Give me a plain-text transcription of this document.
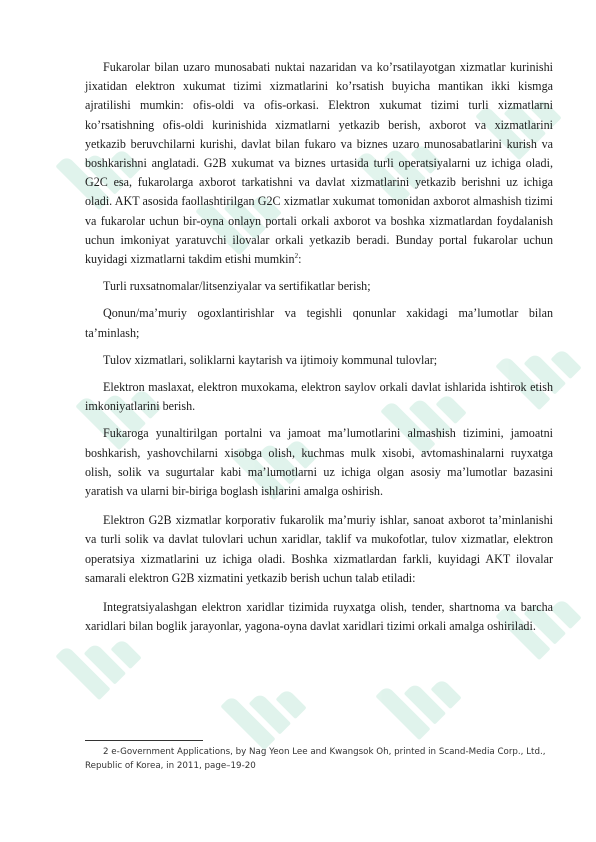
Fukarolar bilan uzaro munosabati nuktai nazaridan va ko’rsatilayotgan xizmatlar kurinishi jixatidan elektron xukumat tizimi xizmatlarini ko’rsatish buyicha mantikan ikki kismga ajratilishi mumkin: ofis-oldi va ofis-orkasi. Elektron xukumat tizimi turli xizmatlarni ko’rsatishning ofis-oldi kurinishida xizmatlarni yetkazib berish, axborot va xizmatlarini yetkazib beruvchilarni kurishi, davlat bilan fukaro va biznes uzaro munosabatlarini kurish va boshkarishni anglatadi. G2B xukumat va biznes urtasida turli operatsiyalarni uz ichiga oladi, G2C esa, fukarolarga axborot tarkatishni va davlat xizmatlarini yetkazib berishni uz ichiga oladi. AKT asosida faollashtirilgan G2C xizmatlar xukumat tomonidan axborot almashish tizimi va fukarolar uchun bir-oyna onlayn portali orkali axborot va boshka xizmatlardan foydalanish uchun imkoniyat yaratuvchi ilovalar orkali yetkazib beradi. Bunday portal fukarolar uchun kuyidagi xizmatlarni takdim etishi mumkin$^2$:

Turli ruxsatnomalar/litsenziyalar va sertifikatlar berish;

Qonun/ma’muriy ogoxlantirishlar va tegishli qonunlar xakidagi ma’lumotlar bilan ta’minlash;

Tulov xizmatlari, soliklarni kaytarish va ijtimoiy kommunal tulovlar;

Elektron maslaxat, elektron muxokama, elektron saylov orkali davlat ishlarida ishtirok etish imkoniyatlarini berish.

Fukaroga yunaltirilgan portalni va jamoat ma’lumotlarini almashish tizimini, jamoatni boshkarish, yashovchilarni xisobga olish, kuchmas mulk xisobi, avtomashinalarni ruyxatga olish, solik va sugurtalar kabi ma’lumotlarni uz ichiga olgan asosiy ma’lumotlar bazasini yaratish va ularni bir-biriga boglash ishlarini amalga oshirish.

Elektron G2B xizmatlar korporativ fukarolik ma’muriy ishlar, sanoat axborot ta’minlanishi va turli solik va davlat tulovlari uchun xaridlar, taklif va mukofotlar, tulov xizmatlar, elektron operatsiya xizmatlarini uz ichiga oladi. Boshka xizmatlardan farkli, kuyidagi AKT ilovalar samarali elektron G2B xizmatini yetkazib berish uchun talab etiladi:

Integratsiyalashgan elektron xaridlar tizimida ruyxatga olish, tender, shartnoma va barcha xaridlari bilan boglik jarayonlar, yagona-oyna davlat xaridlari tizimi orkali amalga oshiriladi.

2 e-Government Applications, by Nag Yeon Lee and Kwangsok Oh, printed in Scand-Media Corp., Ltd., Republic of Korea, in 2011, page–19-20
